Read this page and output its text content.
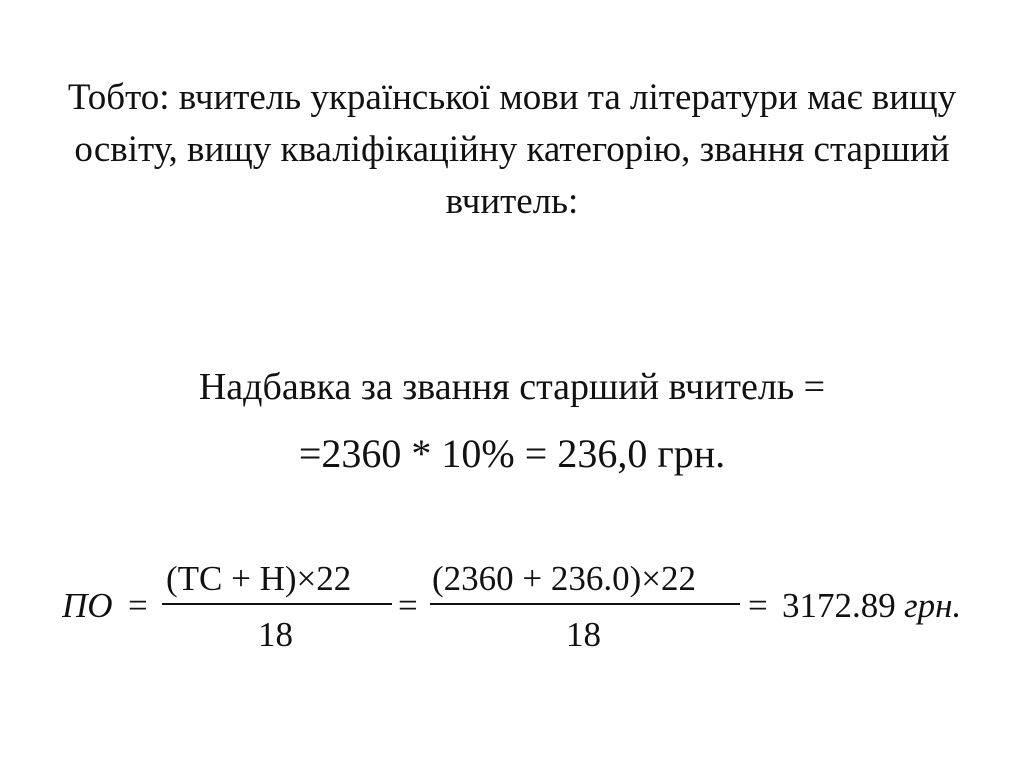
Тобто: вчитель української мови та літератури має вищу освіту, вищу кваліфікаційну категорію, звання старший вчитель:

Надбавка за звання старший вчитель =

=2360 * 10% = 236,0 грн.

ПО =
(ТС + Н)×22
18
=
(2360 + 236.0)×22
18
= 3172.89 грн.
